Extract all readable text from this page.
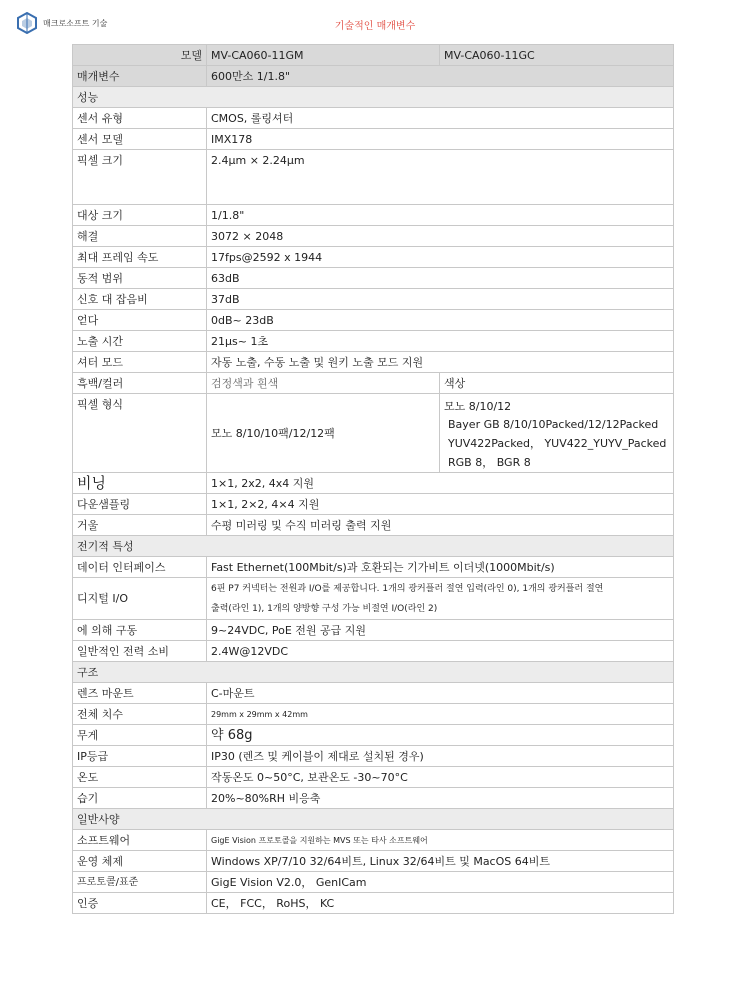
매크로소프트 기술	기술적인 매개변수
모델	MV-CA060-11GM	MV-CA060-11GC
매개변수	600만소 1/1.8"	
성능		
센서 유형	CMOS, 롤링셔터	
센서 모델	IMX178	
픽셀 크기	2.4μm × 2.24μm	
대상 크기	1/1.8"	
해결	3072 × 2048	
최대 프레임 속도	17fps@2592 x 1944	
동적 범위	63dB	
신호 대 잡음비	37dB	
얻다	0dB~ 23dB	
노출 시간	21μs~ 1초	
셔터 모드	자동 노출, 수동 노출 및 원키 노출 모드 지원	
흑백/컬러	검정색과 흰색	색상
픽셀 형식	모노 8/10/10팩/12/12팩	모노 8/10/12
Bayer GB 8/10/10Packed/12/12Packed
YUV422Packed， YUV422_YUYV_Packed
RGB 8， BGR 8

비닝	1×1, 2x2, 4x4 지원	
다운샘플링	1×1, 2×2, 4×4 지원	
거울	수평 미러링 및 수직 미러링 출력 지원	
전기적 특성		
데이터 인터페이스	Fast Ethernet(100Mbit/s)과 호환되는 기가비트 이더넷(1000Mbit/s)	
디지털 I/O	6핀 P7 커넥터는 전원과 I/O를 제공합니다. 1개의 광커플러 절연 입력(라인 0), 1개의 광커플러 절연
출력(라인 1), 1개의 양방향 구성 가능 비절연 I/O(라인 2)	

에 의해 구동	9~24VDC, PoE 전원 공급 지원	
일반적인 전력 소비	2.4W@12VDC	
구조		
렌즈 마운트	C-마운트	
전체 치수	29mm x 29mm x 42mm	
무게	약 68g	
IP등급	IP30 (렌즈 및 케이블이 제대로 설치된 경우)	
온도	작동온도 0~50°C, 보관온도 -30~70°C	
습기	20%~80%RH 비응축	
일반사양		
소프트웨어	GigE Vision 프로토콜을 지원하는 MVS 또는 타사 소프트웨어	
운영 체제	Windows XP/7/10 32/64비트, Linux 32/64비트 및 MacOS 64비트	
프로토콜/표준	GigE Vision V2.0， GenICam	
인증	CE， FCC， RoHS， KC	
